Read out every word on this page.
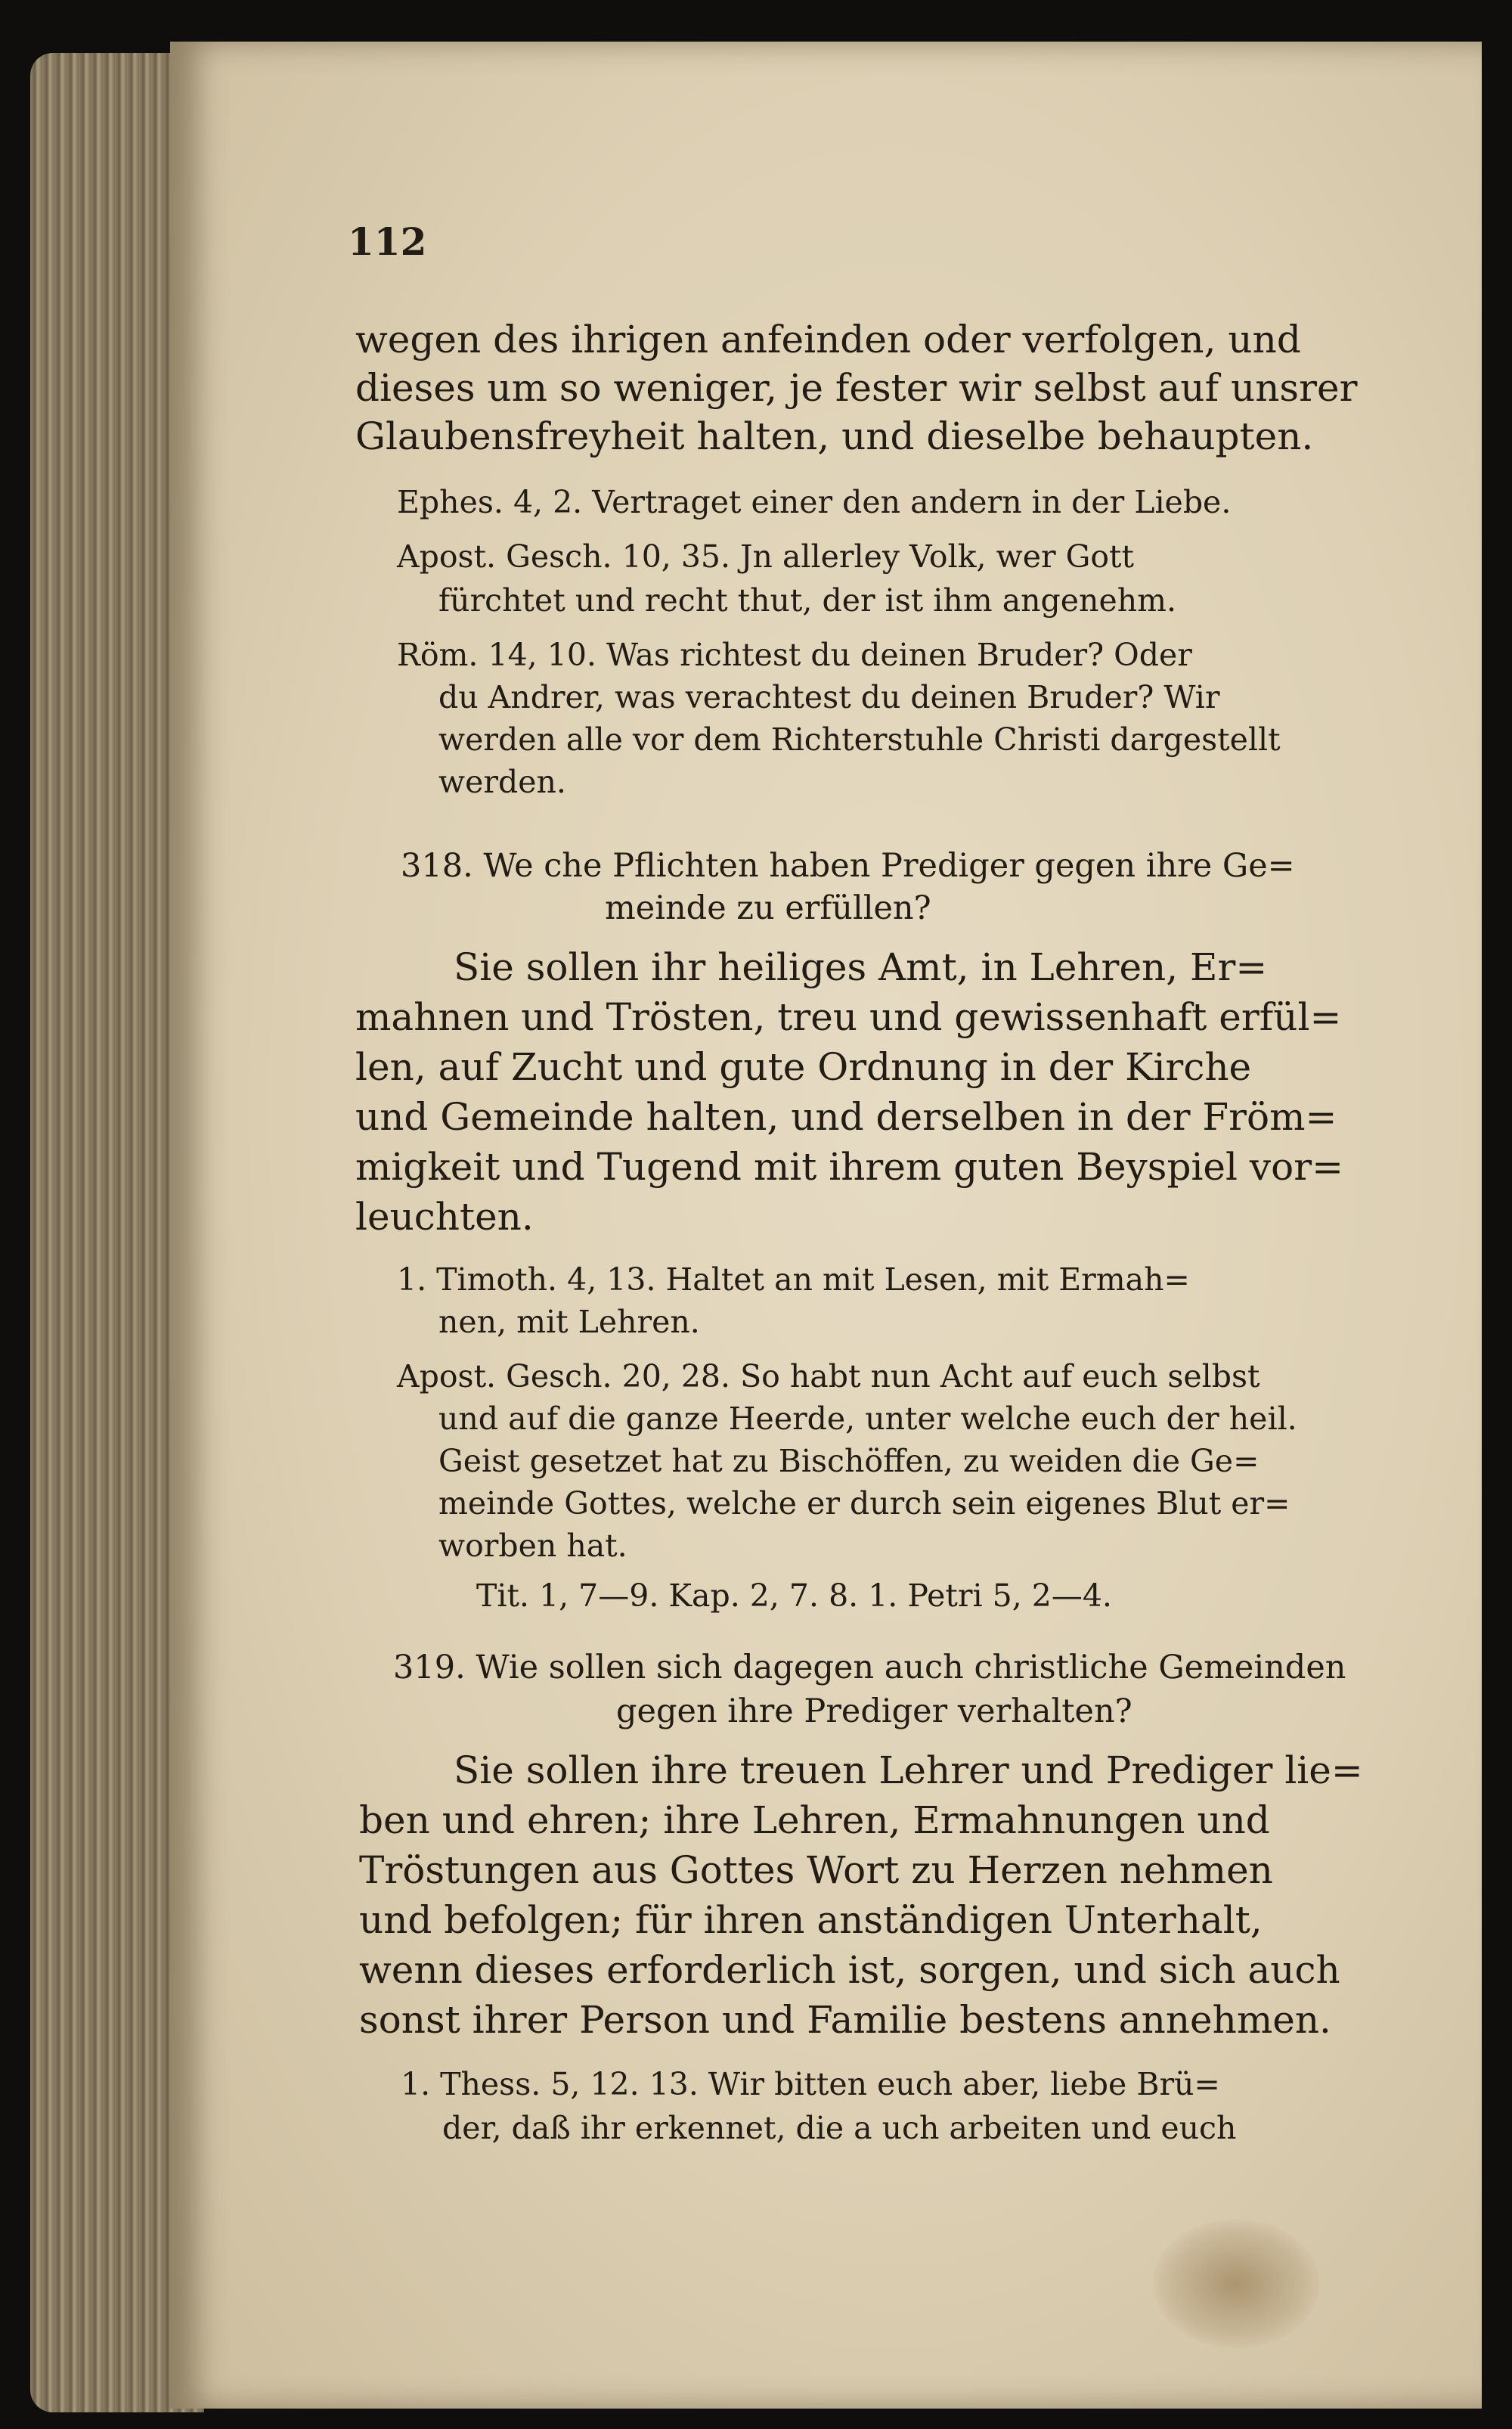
112
wegen des ihrigen anfeinden oder verfolgen, und
dieses um so weniger, je fester wir selbst auf unsrer
Glaubensfreyheit halten, und dieselbe behaupten.
Ephes. 4, 2. Vertraget einer den andern in der Liebe.
Apost. Gesch. 10, 35. Jn allerley Volk, wer Gott
fürchtet und recht thut, der ist ihm angenehm.
Röm. 14, 10. Was richtest du deinen Bruder? Oder
du Andrer, was verachtest du deinen Bruder? Wir
werden alle vor dem Richterstuhle Christi dargestellt
werden.
318. We che Pflichten haben Prediger gegen ihre Ge=
meinde zu erfüllen?
Sie sollen ihr heiliges Amt, in Lehren, Er=
mahnen und Trösten, treu und gewissenhaft erfül=
len, auf Zucht und gute Ordnung in der Kirche
und Gemeinde halten, und derselben in der Fröm=
migkeit und Tugend mit ihrem guten Beyspiel vor=
leuchten.
1. Timoth. 4, 13. Haltet an mit Lesen, mit Ermah=
nen, mit Lehren.
Apost. Gesch. 20, 28. So habt nun Acht auf euch selbst
und auf die ganze Heerde, unter welche euch der heil.
Geist gesetzet hat zu Bischöffen, zu weiden die Ge=
meinde Gottes, welche er durch sein eigenes Blut er=
worben hat.
Tit. 1, 7—9. Kap. 2, 7. 8. 1. Petri 5, 2—4.
319. Wie sollen sich dagegen auch christliche Gemeinden
gegen ihre Prediger verhalten?
Sie sollen ihre treuen Lehrer und Prediger lie=
ben und ehren; ihre Lehren, Ermahnungen und
Tröstungen aus Gottes Wort zu Herzen nehmen
und befolgen; für ihren anständigen Unterhalt,
wenn dieses erforderlich ist, sorgen, und sich auch
sonst ihrer Person und Familie bestens annehmen.
1. Thess. 5, 12. 13. Wir bitten euch aber, liebe Brü=
der, daß ihr erkennet, die a uch arbeiten und euch
